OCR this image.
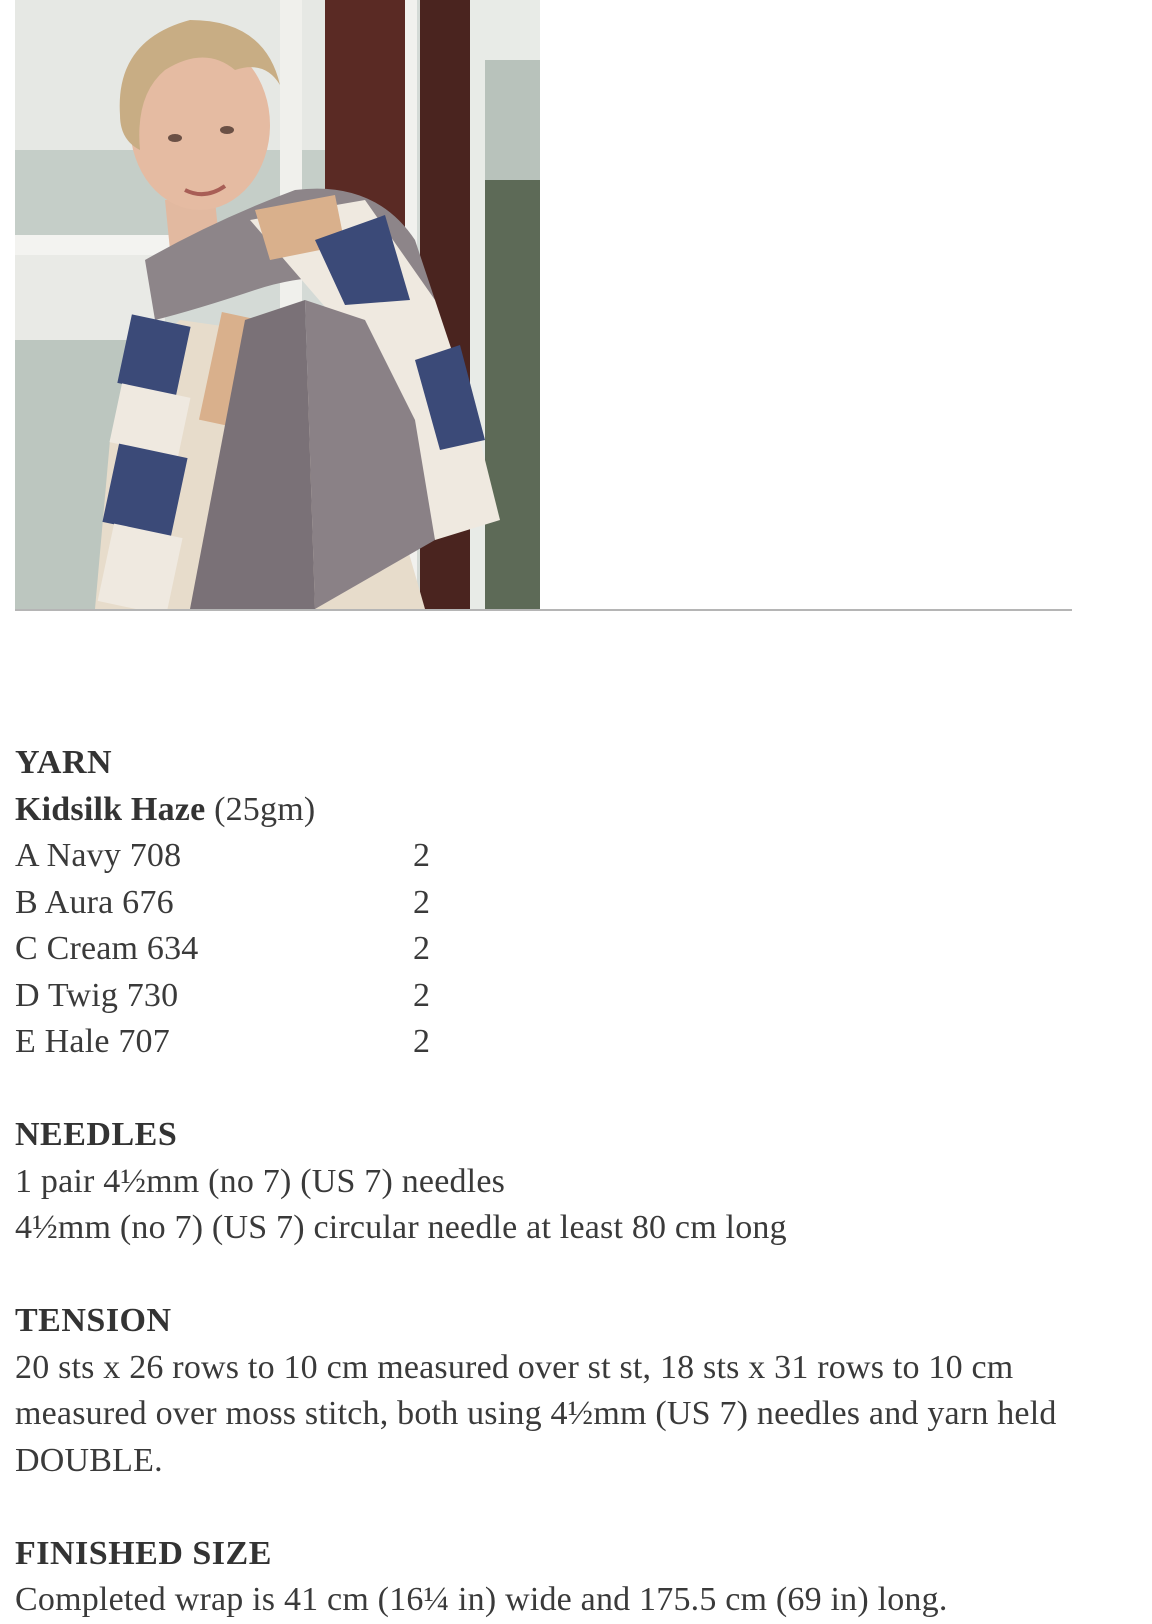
YARN
Kidsilk Haze (25gm)
A Navy 708	2
B Aura 676	2
C Cream 634	2
D Twig 730	2
E Hale 707	2
NEEDLES
1 pair 4½mm (no 7) (US 7) needles
4½mm (no 7) (US 7) circular needle at least 80 cm long
TENSION

20 sts x 26 rows to 10 cm measured over st st, 18 sts x 31 rows to 10 cm measured over moss stitch, both using 4½mm (US 7) needles and yarn held DOUBLE.

FINISHED SIZE

Completed wrap is 41 cm (16¼ in) wide and 175.5 cm (69 in) long.
